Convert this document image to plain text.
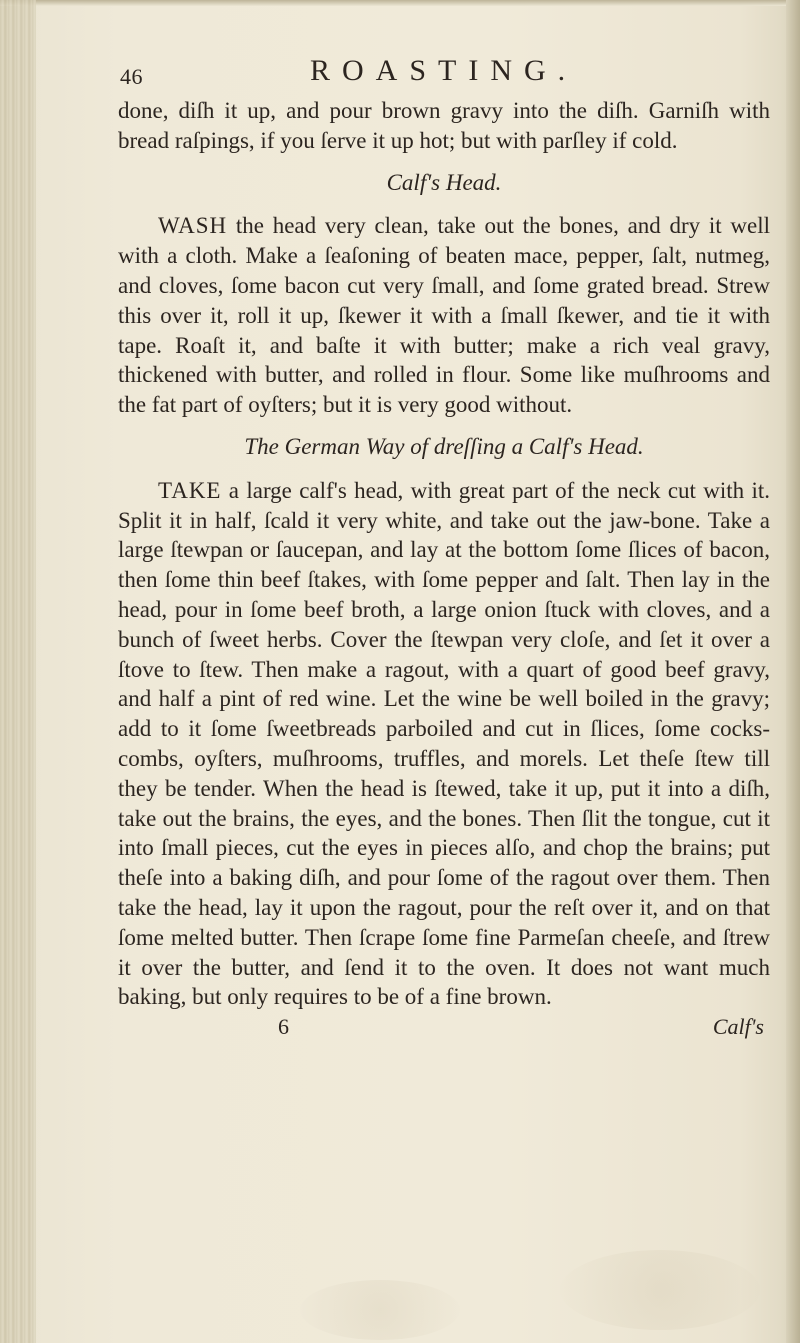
46	ROASTING.

done, diſh it up, and pour brown gravy into the diſh. Garniſh with bread raſpings, if you ſerve it up hot; but with parſley if cold.

Calf's Head.

WASH the head very clean, take out the bones, and dry it well with a cloth. Make a ſeaſoning of beaten mace, pepper, ſalt, nutmeg, and cloves, ſome bacon cut very ſmall, and ſome grated bread. Strew this over it, roll it up, ſkewer it with a ſmall ſkewer, and tie it with tape. Roaſt it, and baſte it with butter; make a rich veal gravy, thickened with butter, and rolled in flour. Some like muſhrooms and the fat part of oyſters; but it is very good without.

The German Way of dreſſing a Calf's Head.

TAKE a large calf's head, with great part of the neck cut with it. Split it in half, ſcald it very white, and take out the jaw-bone. Take a large ſtewpan or ſaucepan, and lay at the bottom ſome ſlices of bacon, then ſome thin beef ſtakes, with ſome pepper and ſalt. Then lay in the head, pour in ſome beef broth, a large onion ſtuck with cloves, and a bunch of ſweet herbs. Cover the ſtewpan very cloſe, and ſet it over a ſtove to ſtew. Then make a ragout, with a quart of good beef gravy, and half a pint of red wine. Let the wine be well boiled in the gravy; add to it ſome ſweetbreads parboiled and cut in ſlices, ſome cocks-combs, oyſters, muſhrooms, truffles, and morels. Let theſe ſtew till they be tender. When the head is ſtewed, take it up, put it into a diſh, take out the brains, the eyes, and the bones. Then ſlit the tongue, cut it into ſmall pieces, cut the eyes in pieces alſo, and chop the brains; put theſe into a baking diſh, and pour ſome of the ragout over them. Then take the head, lay it upon the ragout, pour the reſt over it, and on that ſome melted butter. Then ſcrape ſome fine Parmeſan cheeſe, and ſtrew it over the butter, and ſend it to the oven. It does not want much baking, but only requires to be of a fine brown.

6	Calf's
